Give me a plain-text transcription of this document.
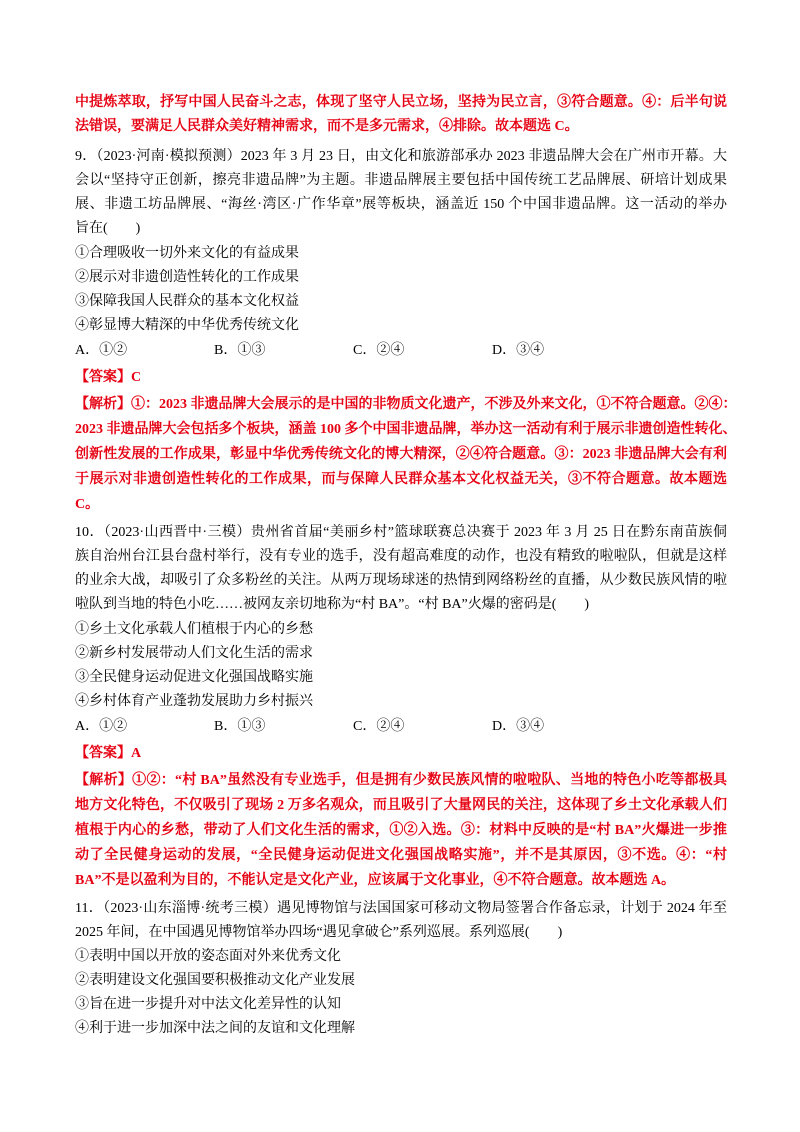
中提炼萃取，抒写中国人民奋斗之志，体现了坚守人民立场，坚持为民立言，③符合题意。④：后半句说
法错误，要满足人民群众美好精神需求，而不是多元需求，④排除。故本题选 C。
9．（2023·河南·模拟预测）2023 年 3 月 23 日，由文化和旅游部承办 2023 非遗品牌大会在广州市开幕。大
会以“坚持守正创新，擦亮非遗品牌”为主题。非遗品牌展主要包括中国传统工艺品牌展、研培计划成果
展、非遗工坊品牌展、“海丝·湾区·广作华章”展等板块，涵盖近 150 个中国非遗品牌。这一活动的举办
旨在(　　)
①合理吸收一切外来文化的有益成果
②展示对非遗创造性转化的工作成果
③保障我国人民群众的基本文化权益
④彰显博大精深的中华优秀传统文化
A．①②	B．①③	C．②④	D．③④
【答案】C
【解析】①：2023 非遗品牌大会展示的是中国的非物质文化遗产，不涉及外来文化，①不符合题意。②④：
2023 非遗品牌大会包括多个板块，涵盖 100 多个中国非遗品牌，举办这一活动有利于展示非遗创造性转化、
创新性发展的工作成果，彰显中华优秀传统文化的博大精深，②④符合题意。③：2023 非遗品牌大会有利
于展示对非遗创造性转化的工作成果，而与保障人民群众基本文化权益无关，③不符合题意。故本题选
C。
10．（2023·山西晋中·三模）贵州省首届“美丽乡村”篮球联赛总决赛于 2023 年 3 月 25 日在黔东南苗族侗
族自治州台江县台盘村举行，没有专业的选手，没有超高难度的动作，也没有精致的啦啦队，但就是这样
的业余大战，却吸引了众多粉丝的关注。从两万现场球迷的热情到网络粉丝的直播，从少数民族风情的啦
啦队到当地的特色小吃……被网友亲切地称为“村 BA”。“村 BA”火爆的密码是(　　)
①乡土文化承载人们植根于内心的乡愁
②新乡村发展带动人们文化生活的需求
③全民健身运动促进文化强国战略实施
④乡村体育产业蓬勃发展助力乡村振兴
A．①②	B．①③	C．②④	D．③④
【答案】A
【解析】①②：“村 BA”虽然没有专业选手，但是拥有少数民族风情的啦啦队、当地的特色小吃等都极具
地方文化特色，不仅吸引了现场 2 万多名观众，而且吸引了大量网民的关注，这体现了乡土文化承载人们
植根于内心的乡愁，带动了人们文化生活的需求，①②入选。③：材料中反映的是“村 BA”火爆进一步推
动了全民健身运动的发展，“全民健身运动促进文化强国战略实施”，并不是其原因，③不选。④：“村
BA”不是以盈利为目的，不能认定是文化产业，应该属于文化事业，④不符合题意。故本题选 A。
11．（2023·山东淄博·统考三模）遇见博物馆与法国国家可移动文物局签署合作备忘录，计划于 2024 年至
2025 年间，在中国遇见博物馆举办四场“遇见拿破仑”系列巡展。系列巡展(　　)
①表明中国以开放的姿态面对外来优秀文化
②表明建设文化强国要积极推动文化产业发展
③旨在进一步提升对中法文化差异性的认知
④利于进一步加深中法之间的友谊和文化理解
